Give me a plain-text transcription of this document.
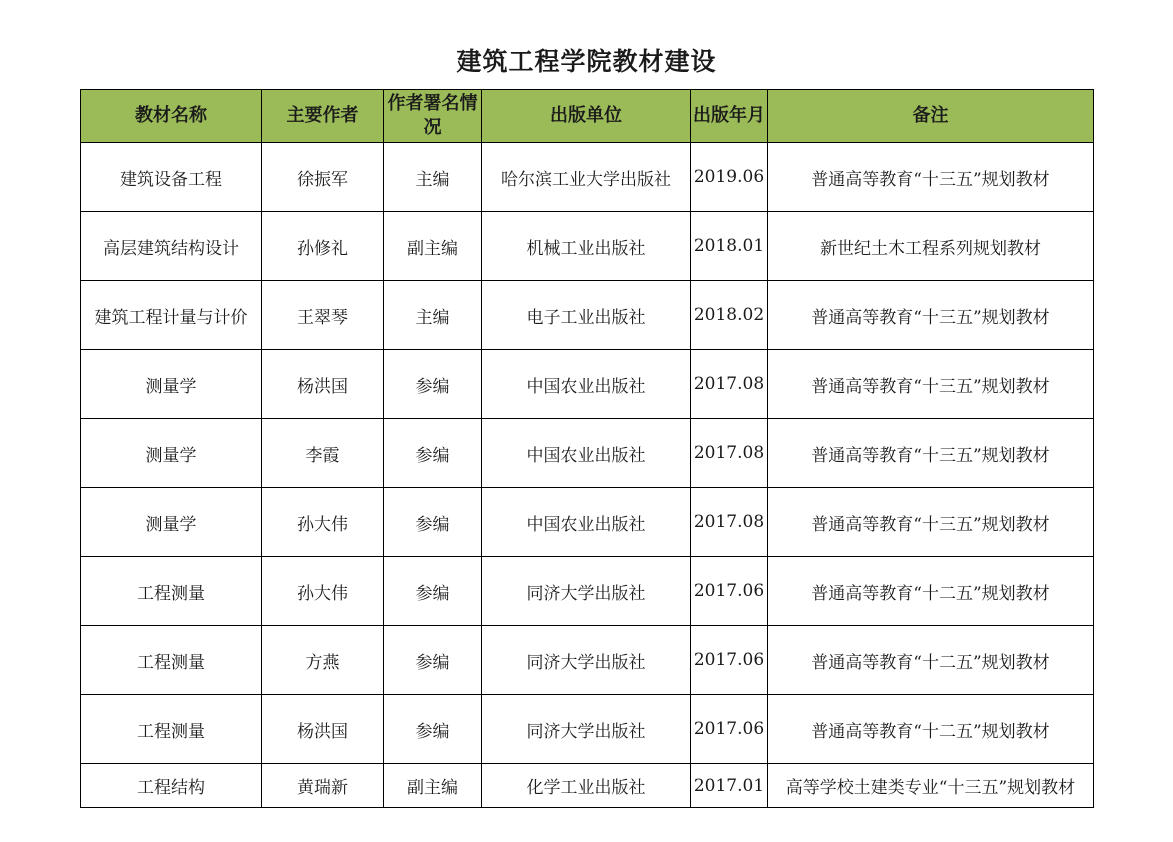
建筑工程学院教材建设
教材名称	主要作者	作者署名情况	出版单位	出版年月	备注
建筑设备工程	徐振军	主编	哈尔滨工业大学出版社	2019.06	普通高等教育“十三五”规划教材
高层建筑结构设计	孙修礼	副主编	机械工业出版社	2018.01	新世纪土木工程系列规划教材
建筑工程计量与计价	王翠琴	主编	电子工业出版社	2018.02	普通高等教育“十三五”规划教材
测量学	杨洪国	参编	中国农业出版社	2017.08	普通高等教育“十三五”规划教材
测量学	李霞	参编	中国农业出版社	2017.08	普通高等教育“十三五”规划教材
测量学	孙大伟	参编	中国农业出版社	2017.08	普通高等教育“十三五”规划教材
工程测量	孙大伟	参编	同济大学出版社	2017.06	普通高等教育“十二五”规划教材
工程测量	方燕	参编	同济大学出版社	2017.06	普通高等教育“十二五”规划教材
工程测量	杨洪国	参编	同济大学出版社	2017.06	普通高等教育“十二五”规划教材
工程结构	黄瑞新	副主编	化学工业出版社	2017.01	高等学校土建类专业“十三五”规划教材
